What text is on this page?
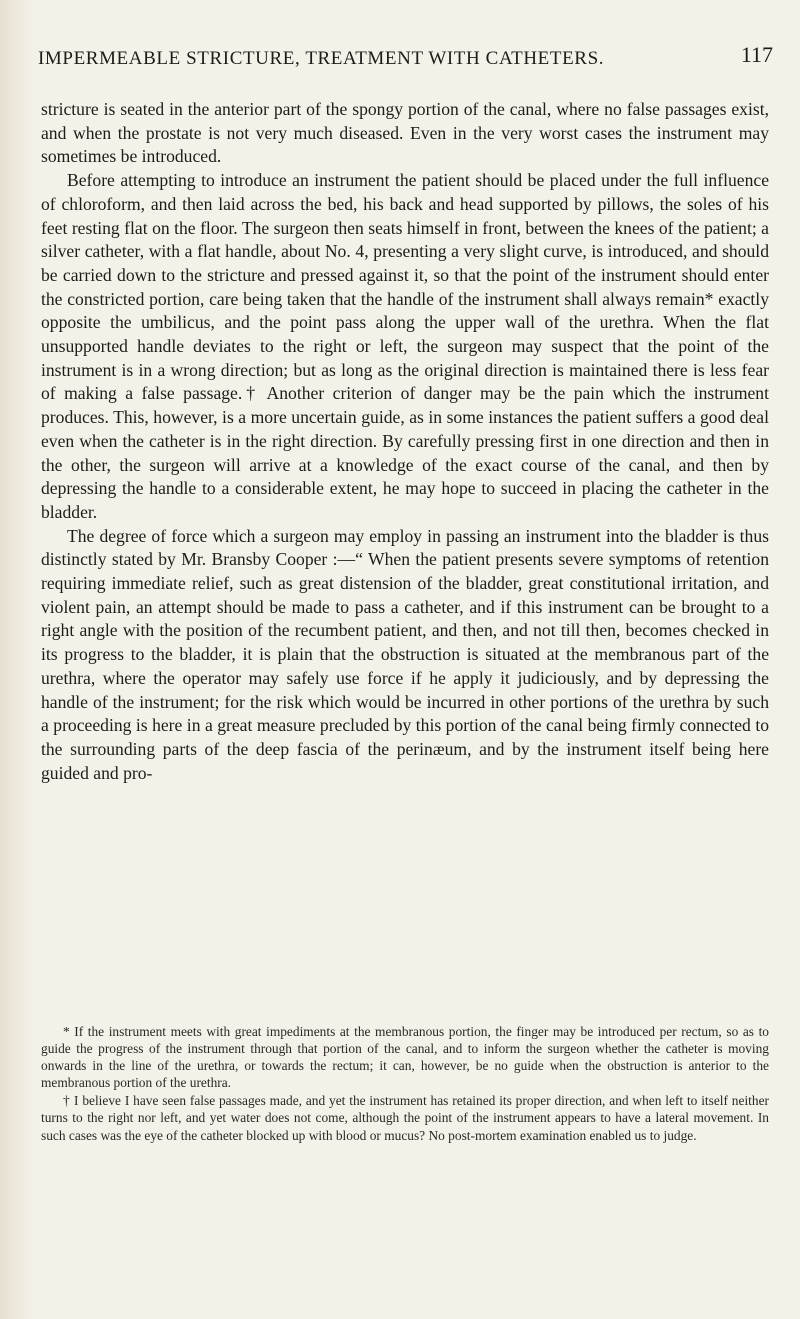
IMPERMEABLE STRICTURE, TREATMENT WITH CATHETERS.	117

stricture is seated in the anterior part of the spongy portion of the canal, where no false passages exist, and when the prostate is not very much diseased. Even in the very worst cases the instrument may sometimes be introduced.

Before attempting to introduce an instrument the patient should be placed under the full influence of chloroform, and then laid across the bed, his back and head supported by pillows, the soles of his feet resting flat on the floor. The surgeon then seats himself in front, between the knees of the patient; a silver catheter, with a flat handle, about No. 4, presenting a very slight curve, is introduced, and should be carried down to the stricture and pressed against it, so that the point of the instrument should enter the constricted portion, care being taken that the handle of the instrument shall always remain* exactly opposite the umbilicus, and the point pass along the upper wall of the urethra. When the flat unsupported handle deviates to the right or left, the surgeon may suspect that the point of the instrument is in a wrong direction; but as long as the original direction is maintained there is less fear of making a false passage.† Another criterion of danger may be the pain which the instrument produces. This, however, is a more uncertain guide, as in some instances the patient suffers a good deal even when the catheter is in the right direction. By carefully pressing first in one direction and then in the other, the surgeon will arrive at a knowledge of the exact course of the canal, and then by depressing the handle to a considerable extent, he may hope to succeed in placing the catheter in the bladder.

The degree of force which a surgeon may employ in passing an instrument into the bladder is thus distinctly stated by Mr. Bransby Cooper :—“ When the patient presents severe symptoms of retention requiring immediate relief, such as great distension of the bladder, great constitutional irritation, and violent pain, an attempt should be made to pass a catheter, and if this instrument can be brought to a right angle with the position of the recumbent patient, and then, and not till then, becomes checked in its progress to the bladder, it is plain that the obstruction is situated at the membranous part of the urethra, where the operator may safely use force if he apply it judiciously, and by depressing the handle of the instrument; for the risk which would be incurred in other portions of the urethra by such a proceeding is here in a great measure precluded by this portion of the canal being firmly connected to the surrounding parts of the deep fascia of the perinæum, and by the instrument itself being here guided and pro-

* If the instrument meets with great impediments at the membranous portion, the finger may be introduced per rectum, so as to guide the progress of the instrument through that portion of the canal, and to inform the surgeon whether the catheter is moving onwards in the line of the urethra, or towards the rectum; it can, however, be no guide when the obstruction is anterior to the membranous portion of the urethra.

† I believe I have seen false passages made, and yet the instrument has retained its proper direction, and when left to itself neither turns to the right nor left, and yet water does not come, although the point of the instrument appears to have a lateral movement. In such cases was the eye of the catheter blocked up with blood or mucus? No post-mortem examination enabled us to judge.
